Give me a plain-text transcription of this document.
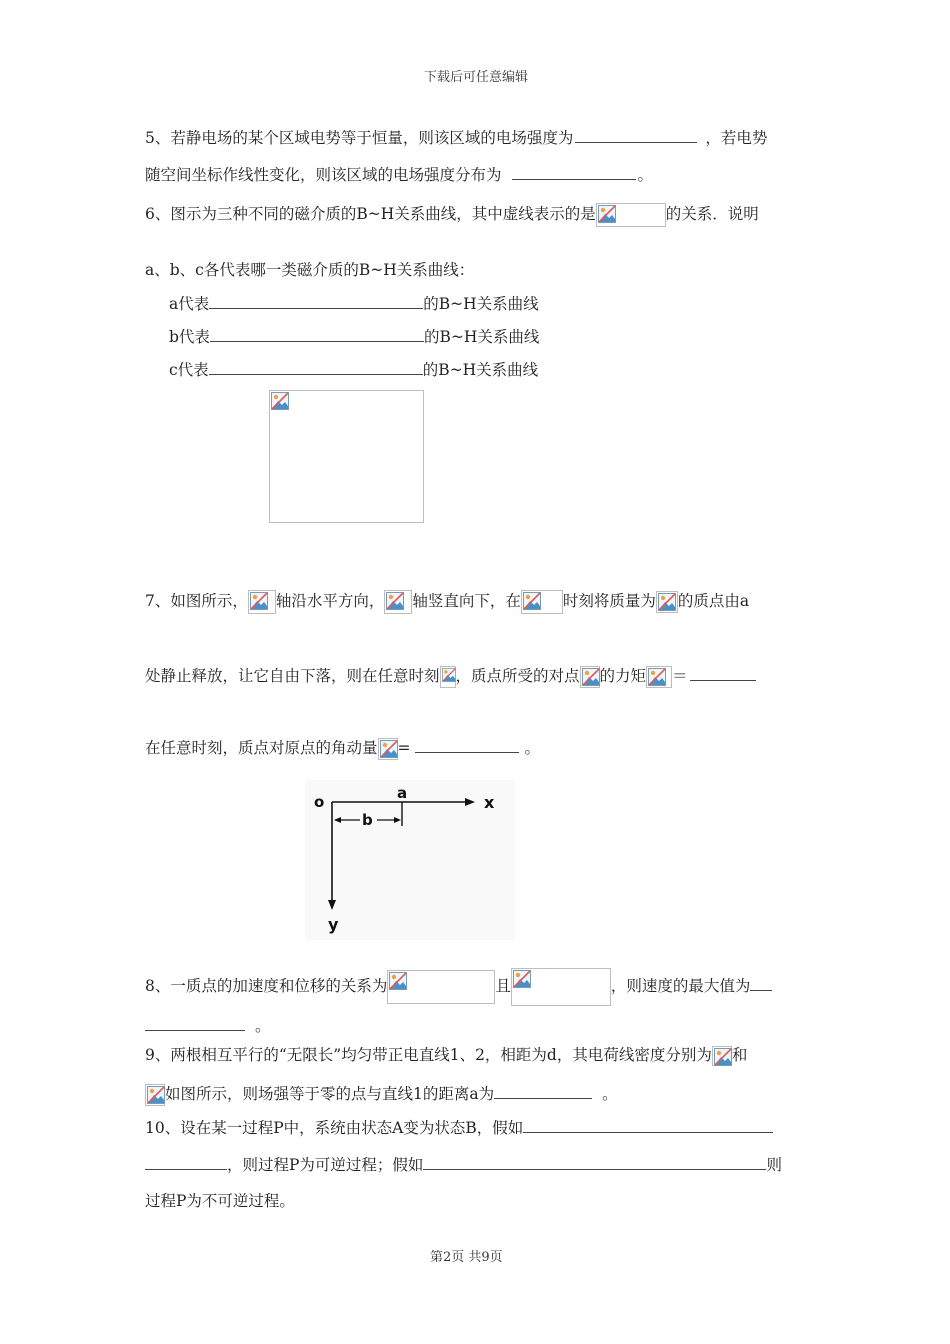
下载后可任意编辑
5、若静电场的某个区域电势等于恒量，则该区域的电场强度为	，若电势
随空间坐标作线性变化，则该区域的电场强度分布为	。
6、图示为三种不同的磁介质的B~H关系曲线，其中虚线表示的是	的关系．说明
a、b、c各代表哪一类磁介质的B~H关系曲线：
a代表	的B~H关系曲线
b代表	的B~H关系曲线
c代表	的B~H关系曲线
7、如图所示， 轴沿水平方向， 轴竖直向下，在	时刻将质量为 的质点由a
处静止释放，让它自由下落，则在任意时刻 ，质点所受的对点 的力矩 ＝
在任意时刻，质点对原点的角动量 =	。
o	a
b
x
y
8、一质点的加速度和位移的关系为	且	，则速度的最大值为
。
9、两根相互平行的“无限长”均匀带正电直线1、2，相距为d，其电荷线密度分别为 和
如图所示，则场强等于零的点与直线1的距离a为	。
10、设在某一过程P中，系统由状态A变为状态B，假如
，则过程P为可逆过程；假如	则
过程P为不可逆过程。
第2页 共9页
